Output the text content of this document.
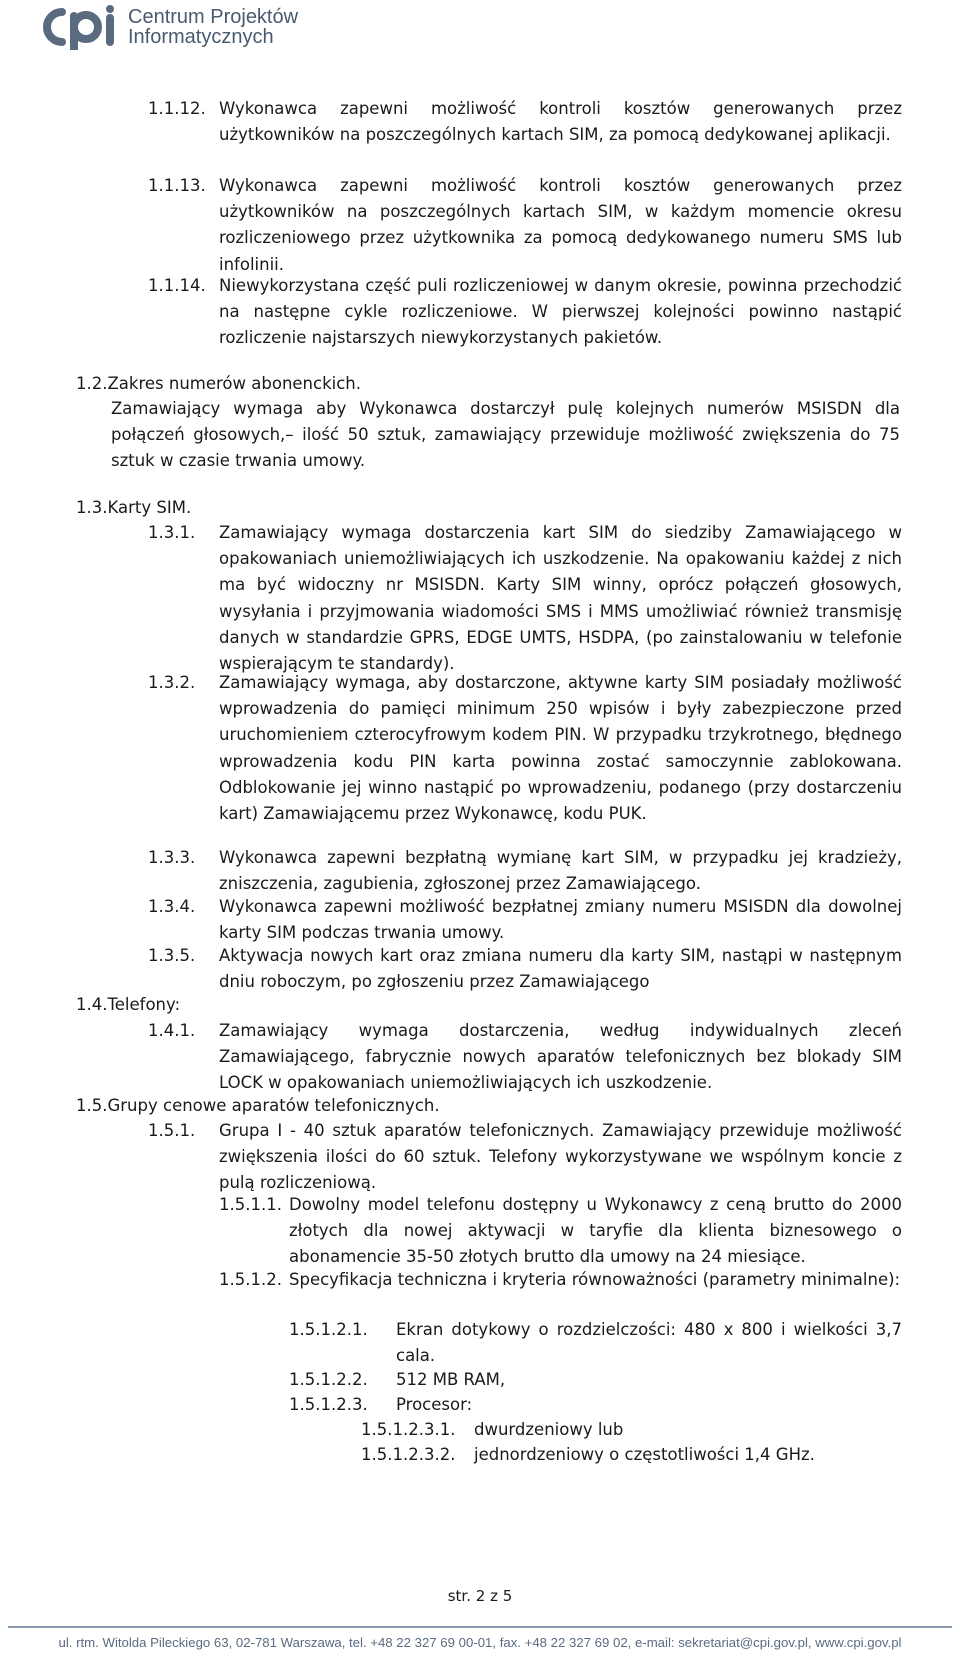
Centrum Projektów
Informatycznych
1.1.12. Wykonawca zapewni możliwość kontroli kosztów generowanych przez użytkowników na poszczególnych kartach SIM, za pomocą dedykowanej aplikacji.
1.1.13. Wykonawca zapewni możliwość kontroli kosztów generowanych przez użytkowników na poszczególnych kartach SIM, w każdym momencie okresu rozliczeniowego przez użytkownika za pomocą dedykowanego numeru SMS lub infolinii.
1.1.14. Niewykorzystana część puli rozliczeniowej w danym okresie, powinna przechodzić na następne cykle rozliczeniowe. W pierwszej kolejności powinno nastąpić rozliczenie najstarszych niewykorzystanych pakietów.
1.2.Zakres numerów abonenckich.
Zamawiający wymaga aby Wykonawca dostarczył pulę kolejnych numerów MSISDN dla połączeń głosowych,– ilość 50 sztuk, zamawiający przewiduje możliwość zwiększenia do 75 sztuk w czasie trwania umowy.
1.3.Karty SIM.
1.3.1. Zamawiający wymaga dostarczenia kart SIM do siedziby Zamawiającego w opakowaniach uniemożliwiających ich uszkodzenie. Na opakowaniu każdej z nich ma być widoczny nr MSISDN. Karty SIM winny, oprócz połączeń głosowych, wysyłania i przyjmowania wiadomości SMS i MMS umożliwiać również transmisję danych w standardzie GPRS, EDGE UMTS, HSDPA, (po zainstalowaniu w telefonie wspierającym te standardy).
1.3.2. Zamawiający wymaga, aby dostarczone, aktywne karty SIM posiadały możliwość wprowadzenia do pamięci minimum 250 wpisów i były zabezpieczone przed uruchomieniem czterocyfrowym kodem PIN. W przypadku trzykrotnego, błędnego wprowadzenia kodu PIN karta powinna zostać samoczynnie zablokowana. Odblokowanie jej winno nastąpić po wprowadzeniu, podanego (przy dostarczeniu kart) Zamawiającemu przez Wykonawcę, kodu PUK.
1.3.3. Wykonawca zapewni bezpłatną wymianę kart SIM, w przypadku jej kradzieży, zniszczenia, zagubienia, zgłoszonej przez Zamawiającego.
1.3.4. Wykonawca zapewni możliwość bezpłatnej zmiany numeru MSISDN dla dowolnej karty SIM podczas trwania umowy.
1.3.5. Aktywacja nowych kart oraz zmiana numeru dla karty SIM, nastąpi w następnym dniu roboczym, po zgłoszeniu przez Zamawiającego
1.4.Telefony:
1.4.1. Zamawiający wymaga dostarczenia, według indywidualnych zleceń Zamawiającego, fabrycznie nowych aparatów telefonicznych bez blokady SIM LOCK w opakowaniach uniemożliwiających ich uszkodzenie.
1.5.Grupy cenowe aparatów telefonicznych.
1.5.1. Grupa I - 40 sztuk aparatów telefonicznych. Zamawiający przewiduje możliwość zwiększenia ilości do 60 sztuk. Telefony wykorzystywane we wspólnym koncie z pulą rozliczeniową.
1.5.1.1. Dowolny model telefonu dostępny u Wykonawcy z ceną brutto do 2000 złotych dla nowej aktywacji w taryfie dla klienta biznesowego o abonamencie 35-50 złotych brutto dla umowy na 24 miesiące.
1.5.1.2. Specyfikacja techniczna i kryteria równoważności (parametry minimalne):
1.5.1.2.1. Ekran dotykowy o rozdzielczości: 480 x 800 i wielkości 3,7 cala.
1.5.1.2.2. 512 MB RAM,
1.5.1.2.3. Procesor:
1.5.1.2.3.1. dwurdzeniowy lub
1.5.1.2.3.2. jednordzeniowy o częstotliwości 1,4 GHz.
str. 2 z 5
ul. rtm. Witolda Pileckiego 63, 02-781 Warszawa, tel. +48 22 327 69 00-01, fax. +48 22 327 69 02, e-mail: sekretariat@cpi.gov.pl, www.cpi.gov.pl
